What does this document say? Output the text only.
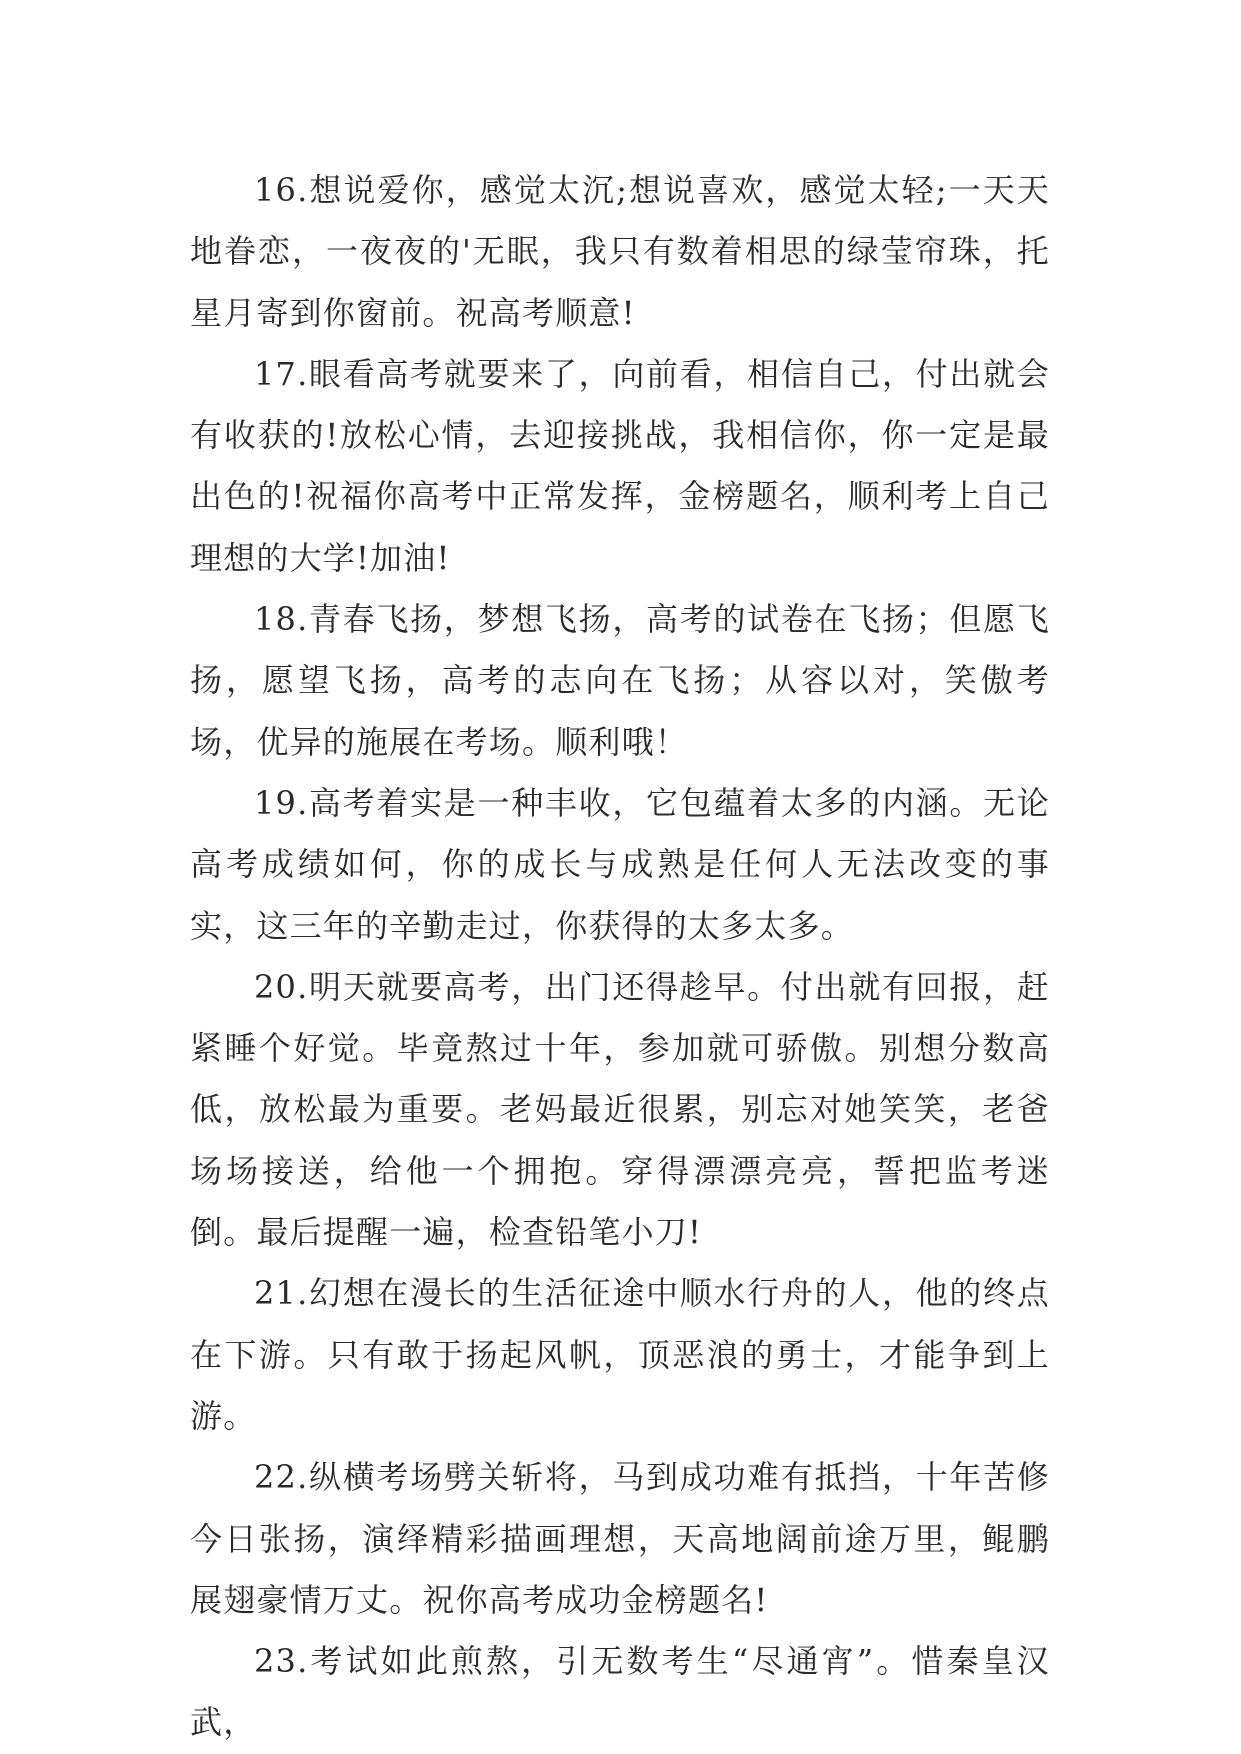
16.想说爱你，感觉太沉;想说喜欢，感觉太轻;一天天地眷恋，一夜夜的'无眠，我只有数着相思的绿莹帘珠，托星月寄到你窗前。祝高考顺意!

17.眼看高考就要来了，向前看，相信自己，付出就会有收获的!放松心情，去迎接挑战，我相信你，你一定是最出色的!祝福你高考中正常发挥，金榜题名，顺利考上自己理想的大学!加油!

18.青春飞扬，梦想飞扬，高考的试卷在飞扬；但愿飞扬，愿望飞扬，高考的志向在飞扬；从容以对，笑傲考场，优异的施展在考场。顺利哦！

19.高考着实是一种丰收，它包蕴着太多的内涵。无论高考成绩如何，你的成长与成熟是任何人无法改变的事实，这三年的辛勤走过，你获得的太多太多。

20.明天就要高考，出门还得趁早。付出就有回报，赶紧睡个好觉。毕竟熬过十年，参加就可骄傲。别想分数高低，放松最为重要。老妈最近很累，别忘对她笑笑，老爸场场接送，给他一个拥抱。穿得漂漂亮亮，誓把监考迷倒。最后提醒一遍，检查铅笔小刀!

21.幻想在漫长的生活征途中顺水行舟的人，他的终点在下游。只有敢于扬起风帆，顶恶浪的勇士，才能争到上游。

22.纵横考场劈关斩将，马到成功难有抵挡，十年苦修今日张扬，演绎精彩描画理想，天高地阔前途万里，鲲鹏展翅豪情万丈。祝你高考成功金榜题名!

23.考试如此煎熬，引无数考生“尽通宵”。惜秦皇汉武，
